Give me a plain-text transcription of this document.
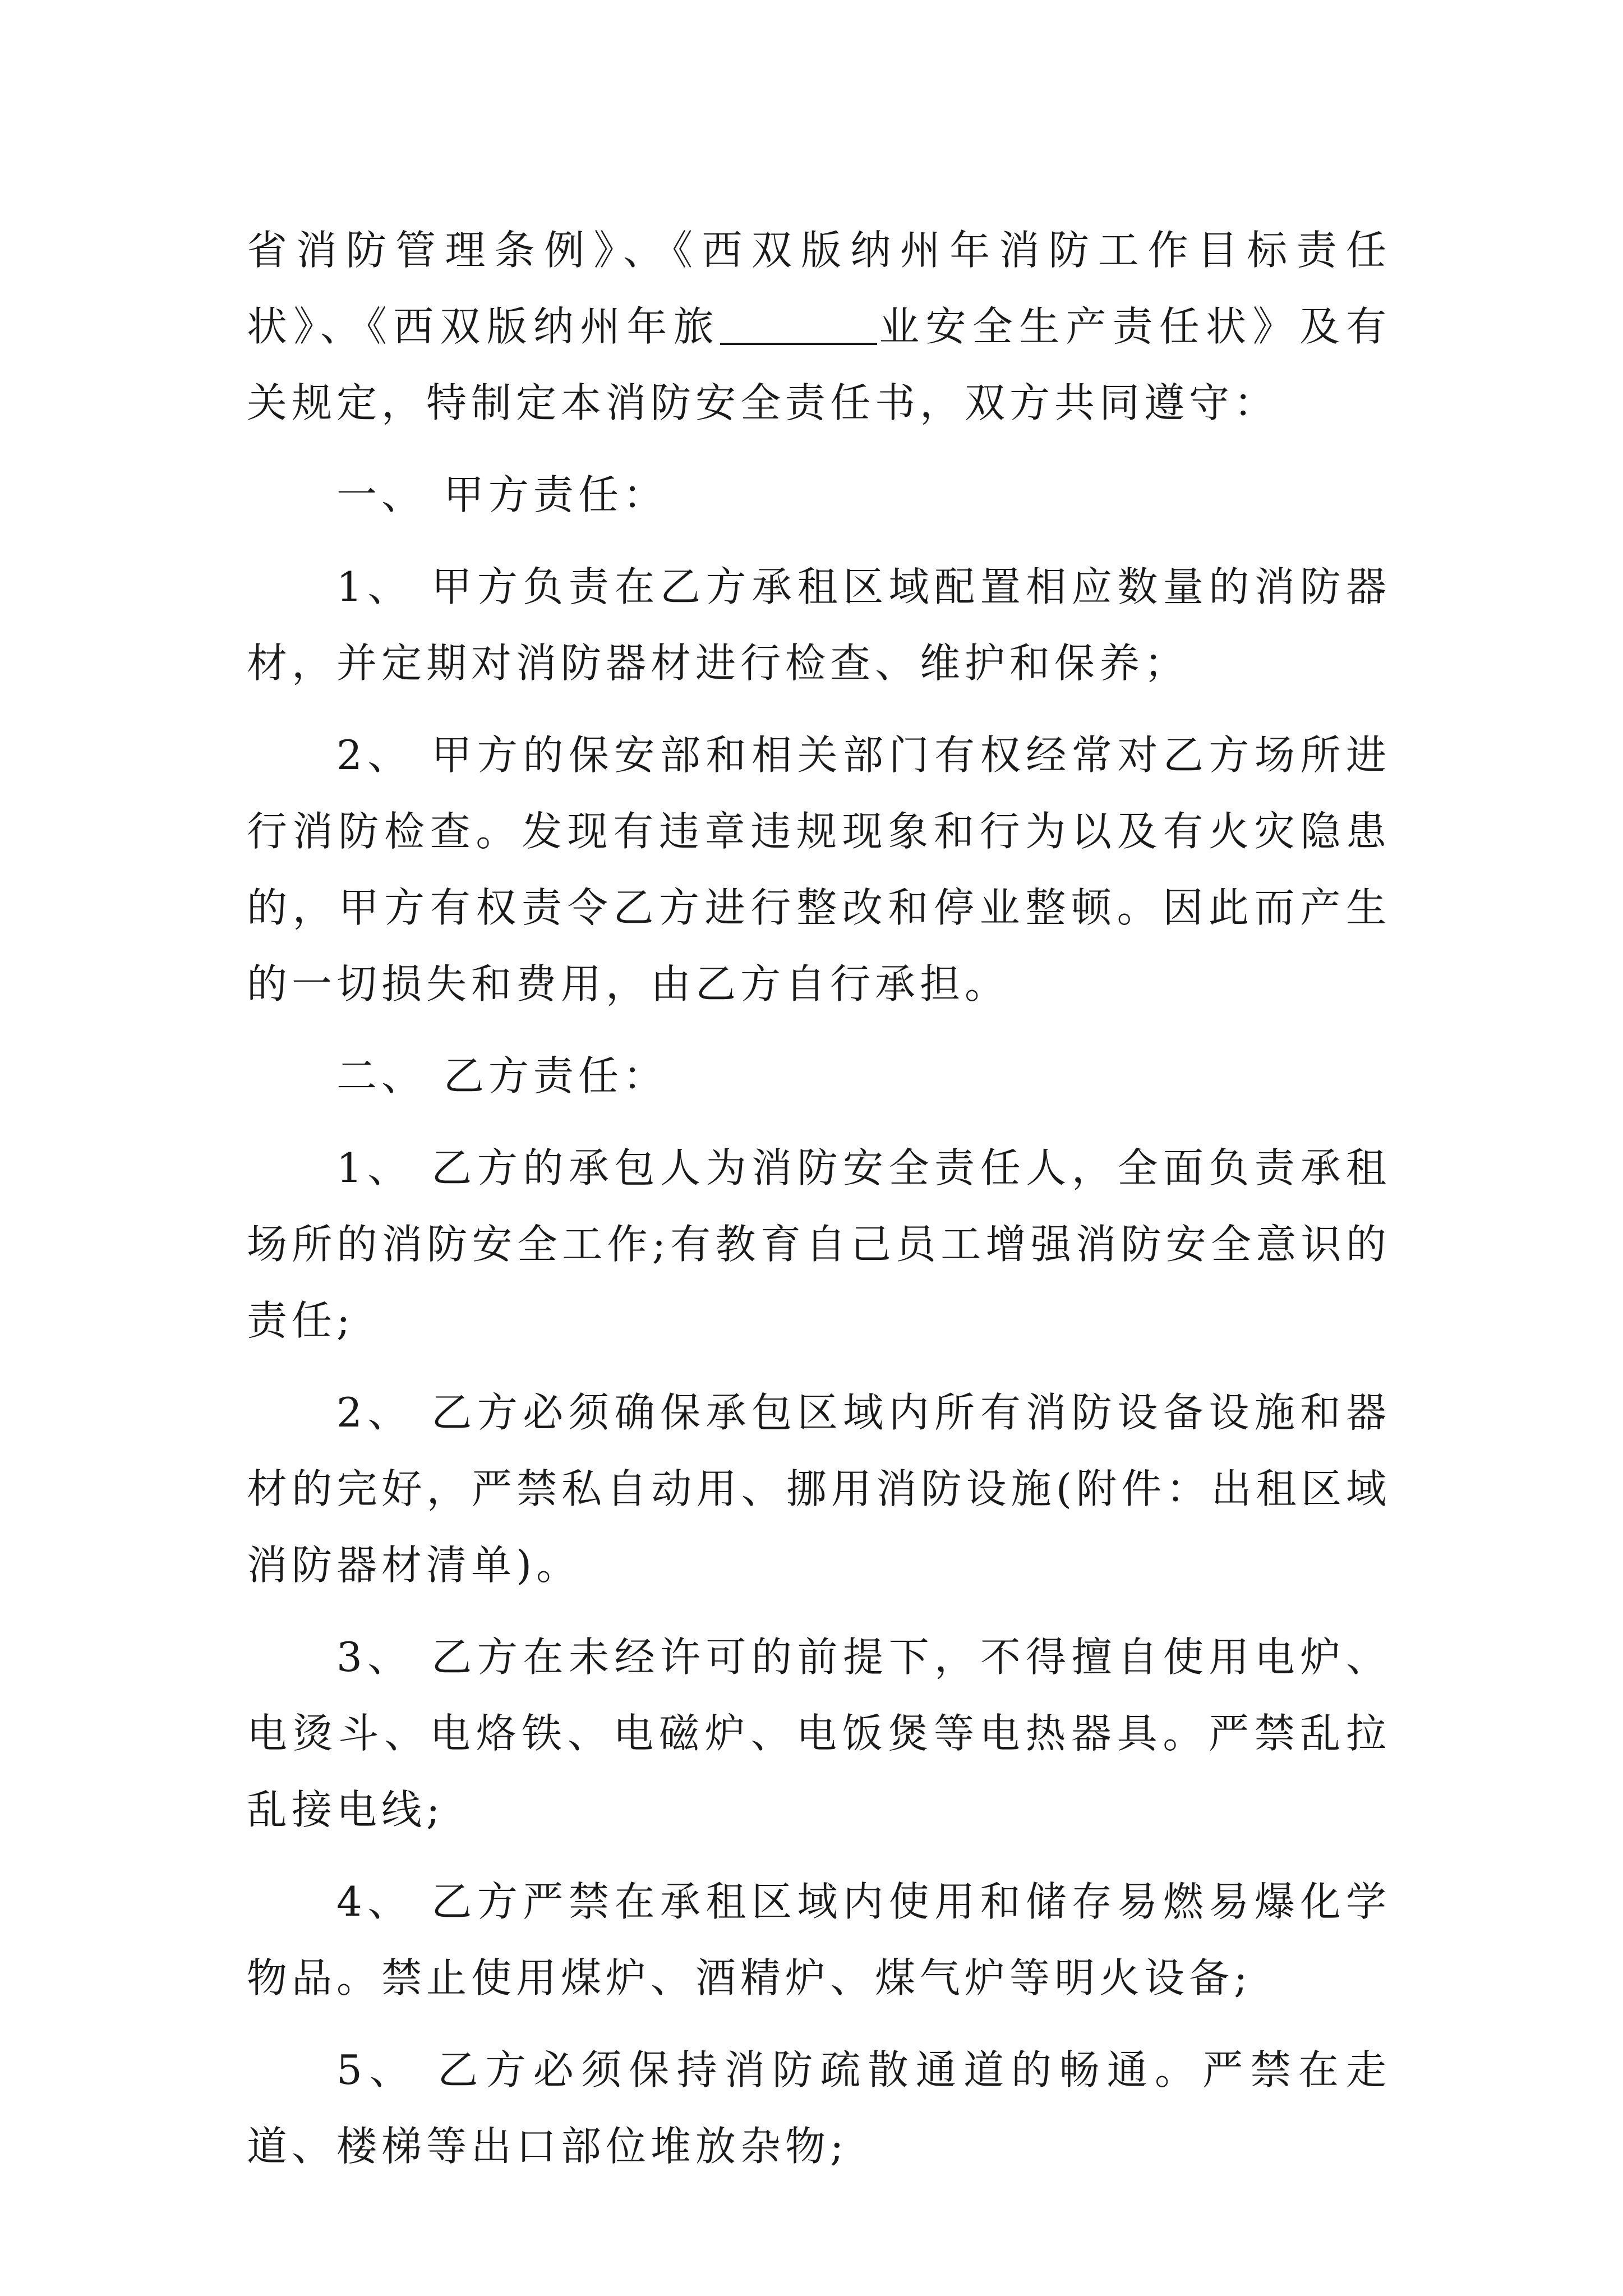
省消防管理条例》、《西双版纳州年消防工作目标责任状》、《西双版纳州年旅	业安全生产责任状》及有关规定，特制定本消防安全责任书，双方共同遵守：

一、 甲方责任：

1、 甲方负责在乙方承租区域配置相应数量的消防器材，并定期对消防器材进行检查、维护和保养；

2、 甲方的保安部和相关部门有权经常对乙方场所进行消防检查。发现有违章违规现象和行为以及有火灾隐患的，甲方有权责令乙方进行整改和停业整顿。因此而产生的一切损失和费用，由乙方自行承担。

二、 乙方责任：

1、 乙方的承包人为消防安全责任人，全面负责承租场所的消防安全工作;有教育自己员工增强消防安全意识的责任;

2、 乙方必须确保承包区域内所有消防设备设施和器材的完好，严禁私自动用、挪用消防设施(附件：出租区域消防器材清单)。

3、 乙方在未经许可的前提下，不得擅自使用电炉、电烫斗、电烙铁、电磁炉、电饭煲等电热器具。严禁乱拉乱接电线;

4、 乙方严禁在承租区域内使用和储存易燃易爆化学物品。禁止使用煤炉、酒精炉、煤气炉等明火设备;

5、 乙方必须保持消防疏散通道的畅通。严禁在走道、楼梯等出口部位堆放杂物;
